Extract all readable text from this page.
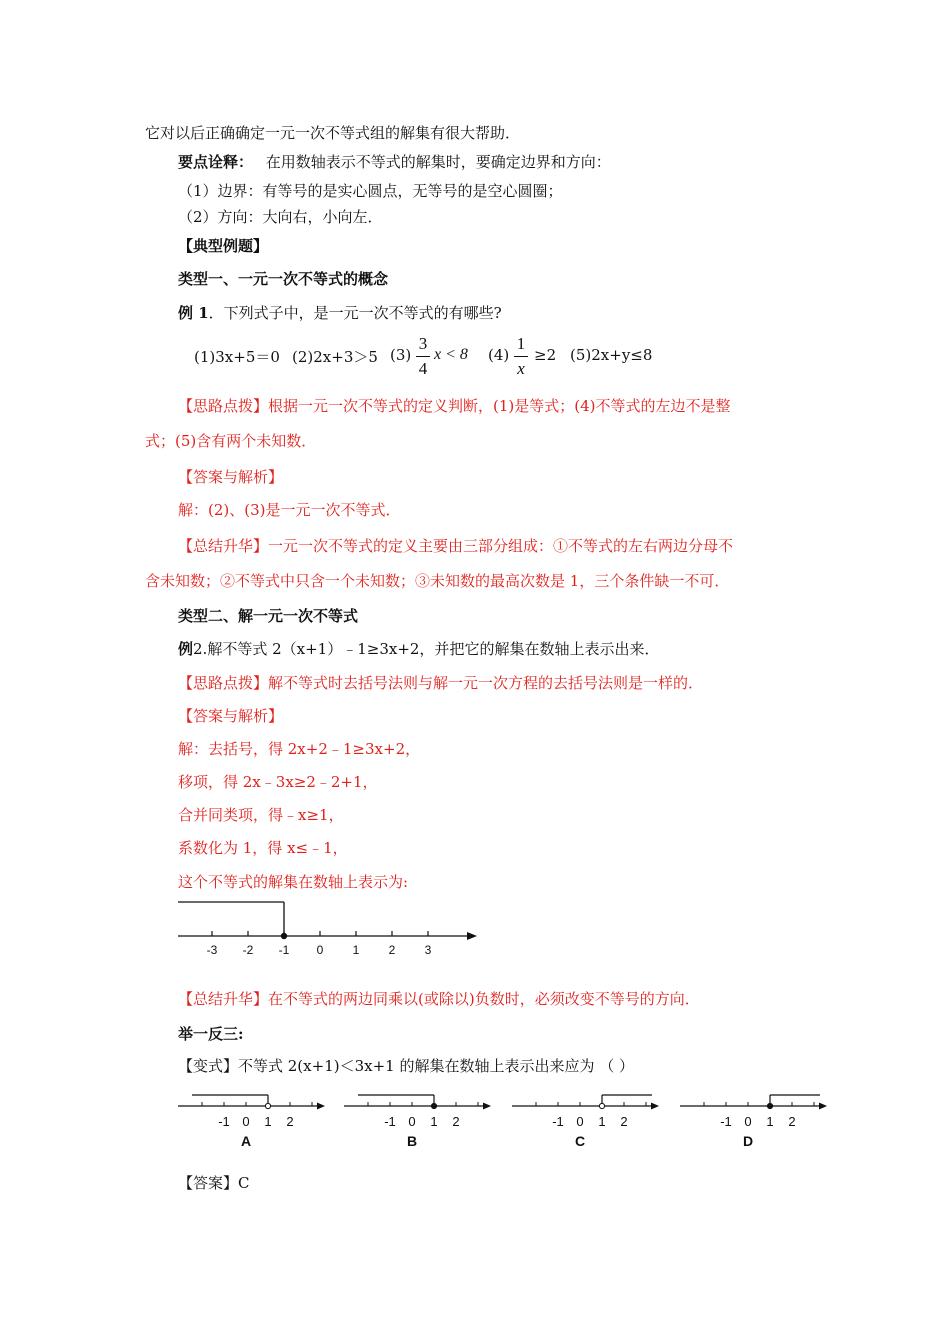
它对以后正确确定一元一次不等式组的解集有很大帮助．
要点诠释： 在用数轴表示不等式的解集时，要确定边界和方向：
（1）边界：有等号的是实心圆点，无等号的是空心圆圈；
（2）方向：大向右，小向左．
【典型例题】
类型一、一元一次不等式的概念
例 1．下列式子中，是一元一次不等式的有哪些?
(1)3x+5＝0 (2)2x+3＞5 (3)
3
4
x < 8 (4)
1
x
≥2 (5)2x+y≤8
【思路点拨】根据一元一次不等式的定义判断，(1)是等式；(4)不等式的左边不是整
式；(5)含有两个未知数．
【答案与解析】
解：(2)、(3)是一元一次不等式．
【总结升华】一元一次不等式的定义主要由三部分组成：①不等式的左右两边分母不
含未知数；②不等式中只含一个未知数；③未知数的最高次数是 1，三个条件缺一不可．
类型二、解一元一次不等式
例2.解不等式 2（x+1）﹣1≥3x+2，并把它的解集在数轴上表示出来．
【思路点拨】解不等式时去括号法则与解一元一次方程的去括号法则是一样的．
【答案与解析】
解：去括号，得 2x+2﹣1≥3x+2，
移项，得 2x﹣3x≥2﹣2+1，
合并同类项，得﹣x≥1，
系数化为 1，得 x≤﹣1，
这个不等式的解集在数轴上表示为:
-3 -2 -1 0 1 2 3
【总结升华】在不等式的两边同乘以(或除以)负数时，必须改变不等号的方向．
举一反三:
【变式】不等式 2(x+1)＜3x+1 的解集在数轴上表示出来应为 （ ）
-1 0 1 2
A
-1 0 1 2
B
-1 0 1 2
C
-1 0 1 2
D
【答案】C
